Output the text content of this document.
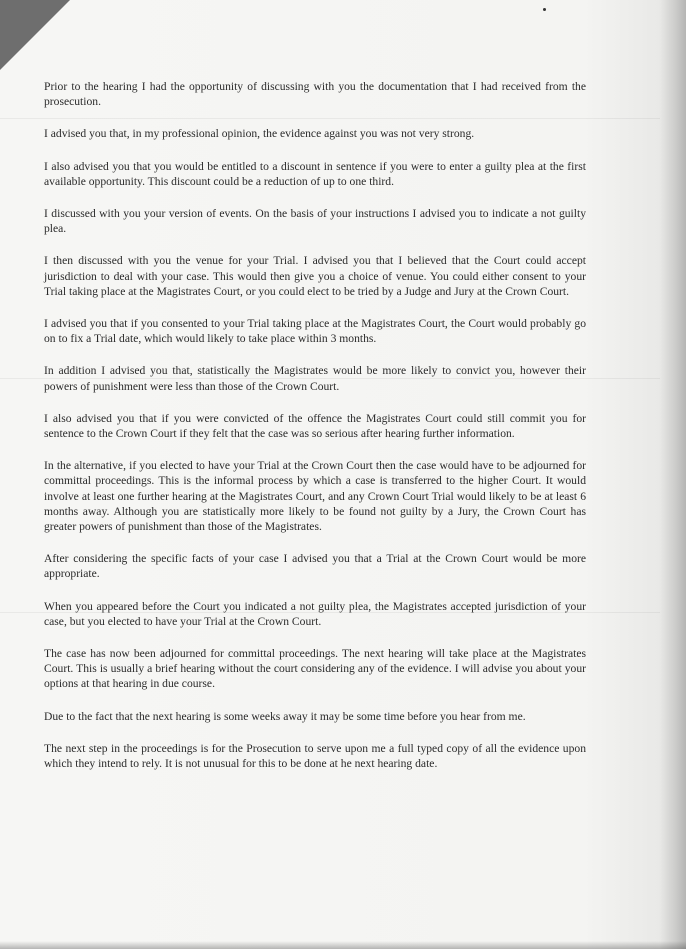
Prior to the hearing I had the opportunity of discussing with you the documentation that I had received from the prosecution.

I advised you that, in my professional opinion, the evidence against you was not very strong.

I also advised you that you would be entitled to a discount in sentence if you were to enter a guilty plea at the first available opportunity. This discount could be a reduction of up to one third.

I discussed with you your version of events. On the basis of your instructions I advised you to indicate a not guilty plea.

I then discussed with you the venue for your Trial. I advised you that I believed that the Court could accept jurisdiction to deal with your case. This would then give you a choice of venue. You could either consent to your Trial taking place at the Magistrates Court, or you could elect to be tried by a Judge and Jury at the Crown Court.

I advised you that if you consented to your Trial taking place at the Magistrates Court, the Court would probably go on to fix a Trial date, which would likely to take place within 3 months.

In addition I advised you that, statistically the Magistrates would be more likely to convict you, however their powers of punishment were less than those of the Crown Court.

I also advised you that if you were convicted of the offence the Magistrates Court could still commit you for sentence to the Crown Court if they felt that the case was so serious after hearing further information.

In the alternative, if you elected to have your Trial at the Crown Court then the case would have to be adjourned for committal proceedings. This is the informal process by which a case is transferred to the higher Court. It would involve at least one further hearing at the Magistrates Court, and any Crown Court Trial would likely to be at least 6 months away. Although you are statistically more likely to be found not guilty by a Jury, the Crown Court has greater powers of punishment than those of the Magistrates.

After considering the specific facts of your case I advised you that a Trial at the Crown Court would be more appropriate.

When you appeared before the Court you indicated a not guilty plea, the Magistrates accepted jurisdiction of your case, but you elected to have your Trial at the Crown Court.

The case has now been adjourned for committal proceedings. The next hearing will take place at the Magistrates Court. This is usually a brief hearing without the court considering any of the evidence. I will advise you about your options at that hearing in due course.

Due to the fact that the next hearing is some weeks away it may be some time before you hear from me.

The next step in the proceedings is for the Prosecution to serve upon me a full typed copy of all the evidence upon which they intend to rely. It is not unusual for this to be done at he next hearing date.
